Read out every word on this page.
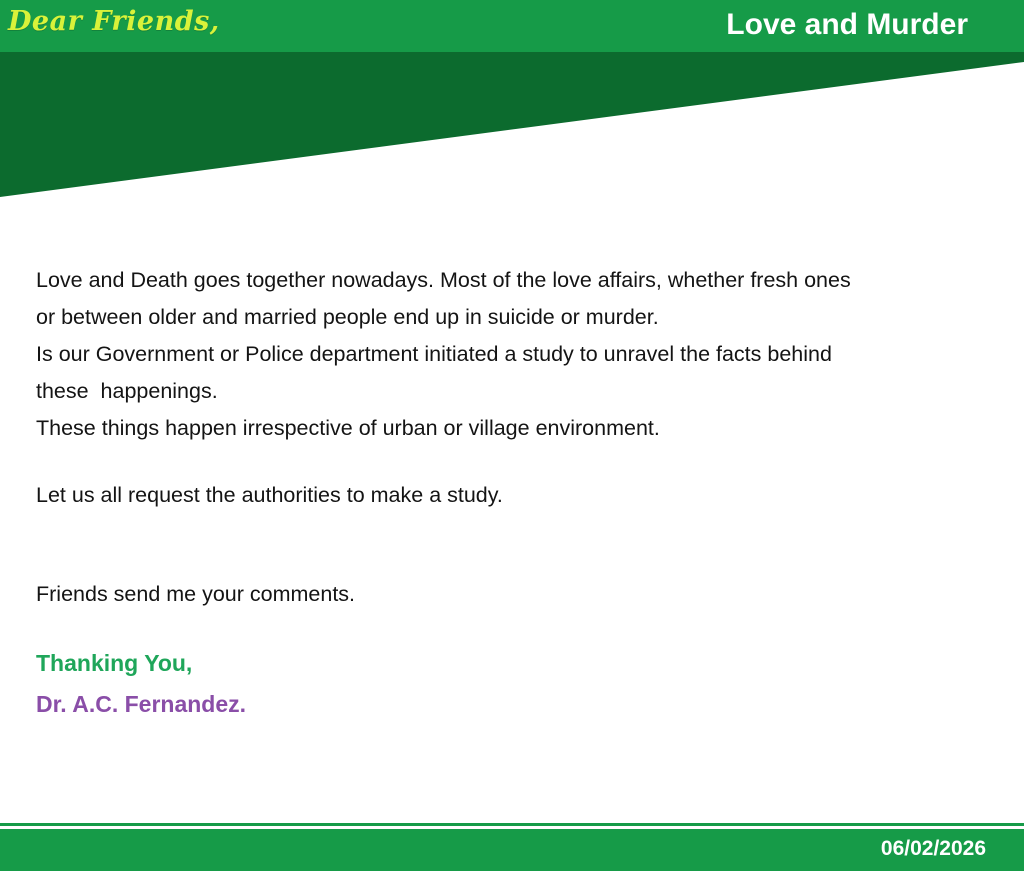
Dear Friends,	Love and Murder
Love and Death goes together nowadays. Most of the love affairs, whether fresh ones
or between older and married people end up in suicide or murder.
Is our Government or Police department initiated a study to unravel the facts behind
these  happenings.
These things happen irrespective of urban or village environment.
Let us all request the authorities to make a study.
Friends send me your comments.
Thanking You,
Dr. A.C. Fernandez.
06/02/2026
